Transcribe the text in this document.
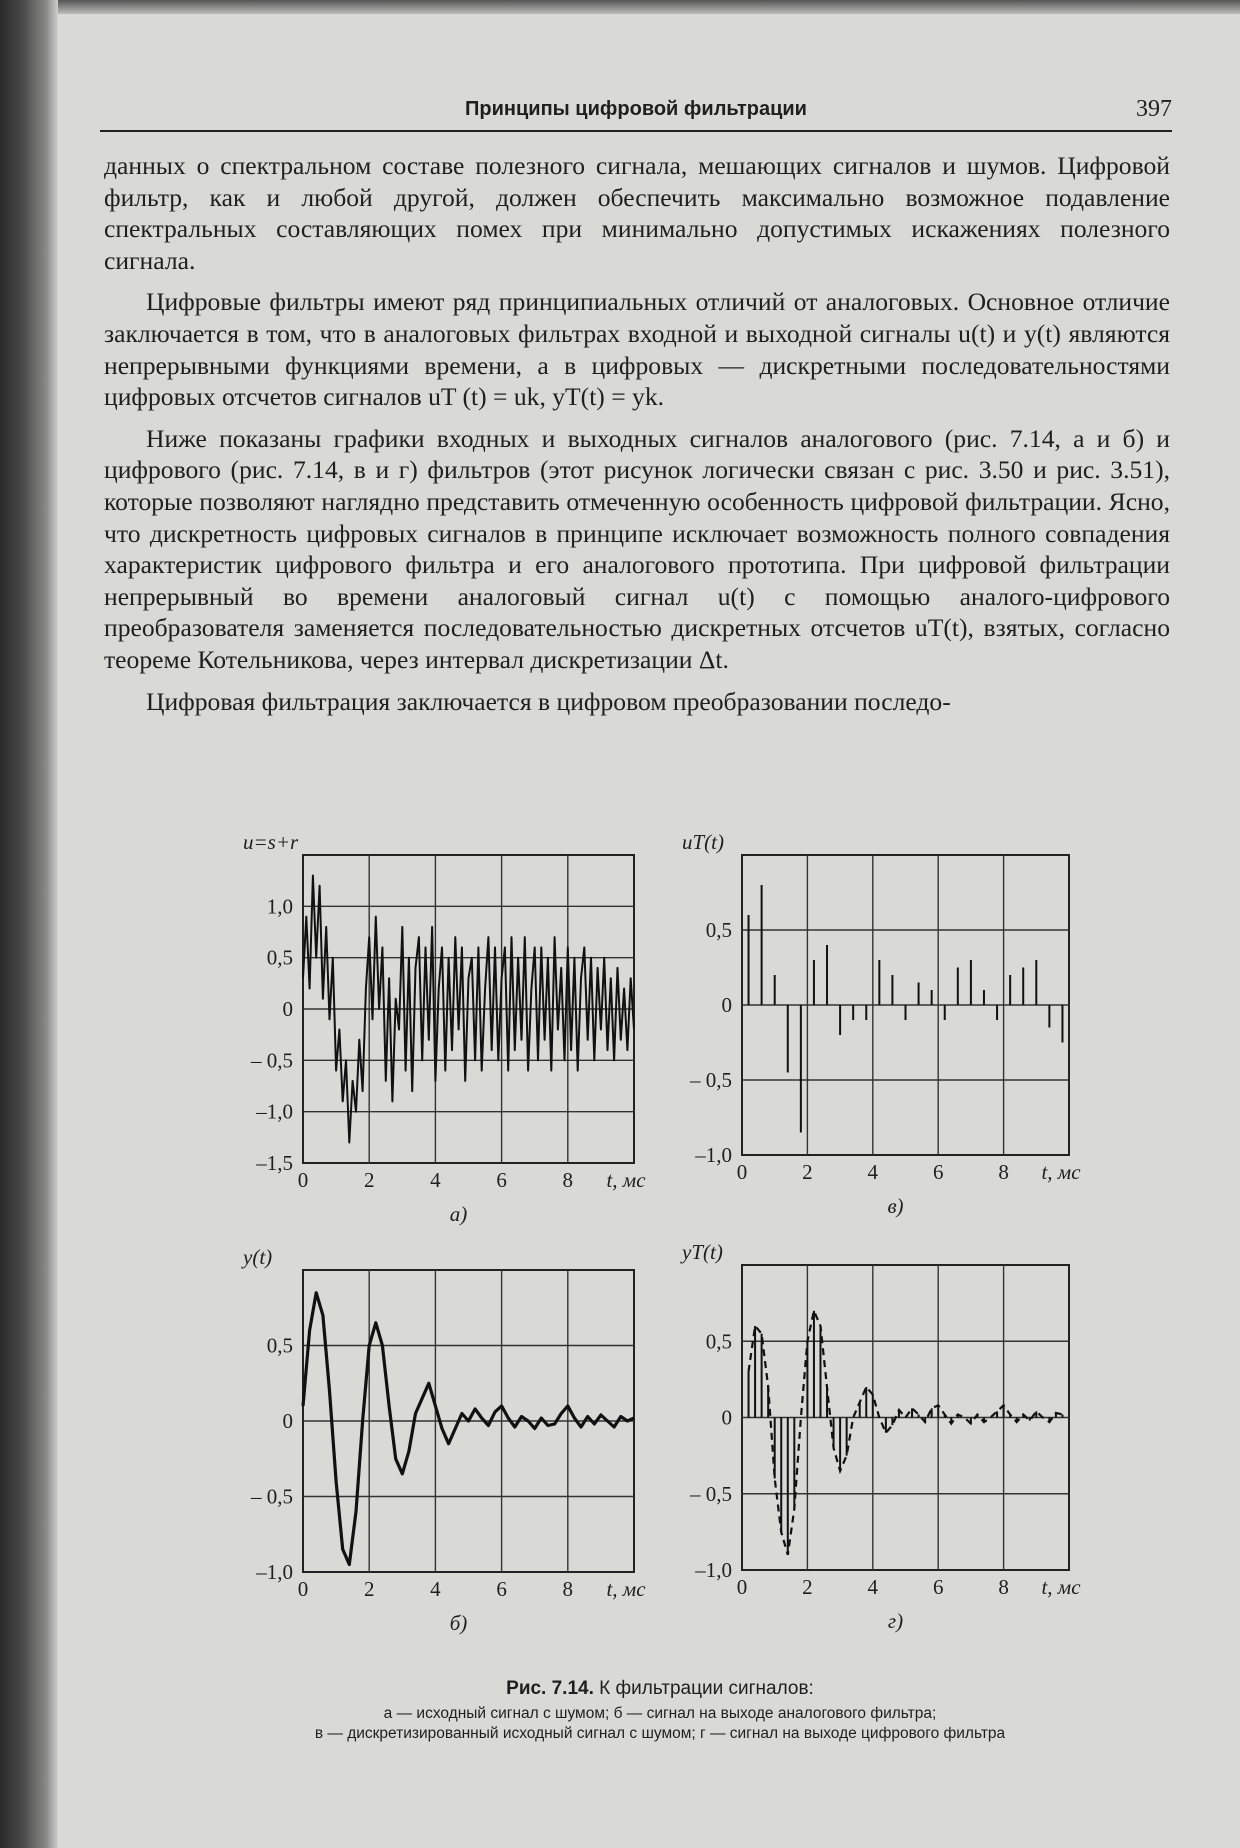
Принципы цифровой фильтрации	397

данных о спектральном составе полезного сигнала, мешающих сигналов и шумов. Цифровой фильтр, как и любой другой, должен обеспечить максимально возможное подавление спектральных составляющих помех при минимально допустимых искажениях полезного сигнала.

Цифровые фильтры имеют ряд принципиальных отличий от аналоговых. Основное отличие заключается в том, что в аналоговых фильтрах входной и выходной сигналы u(t) и y(t) являются непрерывными функциями времени, а в цифровых — дискретными последовательностями цифровых отсчетов сигналов uT (t) = uk, yT(t) = yk.

Ниже показаны графики входных и выходных сигналов аналогового (рис. 7.14, а и б) и цифрового (рис. 7.14, в и г) фильтров (этот рисунок логически связан с рис. 3.50 и рис. 3.51), которые позволяют наглядно представить отмеченную особенность цифровой фильтрации. Ясно, что дискретность цифровых сигналов в принципе исключает возможность полного совпадения характеристик цифрового фильтра и его аналогового прототипа. При цифровой фильтрации непрерывный во времени аналоговый сигнал u(t) с помощью аналого-цифрового преобразователя заменяется последовательностью дискретных отсчетов uT(t), взятых, согласно теореме Котельникова, через интервал дискретизации Δt.

Цифровая фильтрация заключается в цифровом преобразовании последо-

0	2	4	6	8 t, мс
1,0
0,5
0
– 0,5
–1,0
–1,5
u=s+r
а)
0	2	4	6	8 t, мс
0,5
0
– 0,5
–1,0
y(t)
б)
0	2	4	6	8 t, мс
0,5
0
– 0,5
–1,0
uT(t)
в)
0	2	4	6	8 t, мс
0,5
0
– 0,5
–1,0
yT(t)
г)
Рис. 7.14. К фильтрации сигналов:
а — исходный сигнал с шумом; б — сигнал на выходе аналогового фильтра;
в — дискретизированный исходный сигнал с шумом; г — сигнал на выходе цифрового фильтра
